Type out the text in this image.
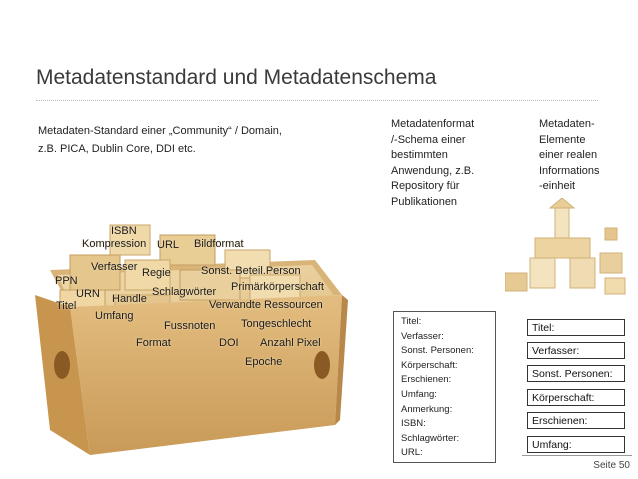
Metadatenstandard und Metadatenschema
Metadaten-Standard einer „Community“ / Domain,
z.B. PICA, Dublin Core, DDI etc.
Metadatenformat
/-Schema einer
bestimmten
Anwendung, z.B.
Repository für
Publikationen
Metadaten-
Elemente
einer realen
Informations
-einheit
ISBN
Kompression URL Bildformat
Verfasser Regie	Sonst. Beteil.Person
PPN
Schlagwörter Primärkörperschaft
URN Handle
Titel	Verwandte Ressourcen
Umfang
Tongeschlecht
Fussnoten
Format	DOI Anzahl Pixel
Epoche
Titel:
Verfasser:
Sonst. Personen:
Körperschaft:
Erschienen:
Umfang:
Anmerkung:
ISBN:
Schlagwörter:
URL:
Titel:
Verfasser:
Sonst. Personen:
Körperschaft:
Erschienen:
Umfang:
Seite 50
